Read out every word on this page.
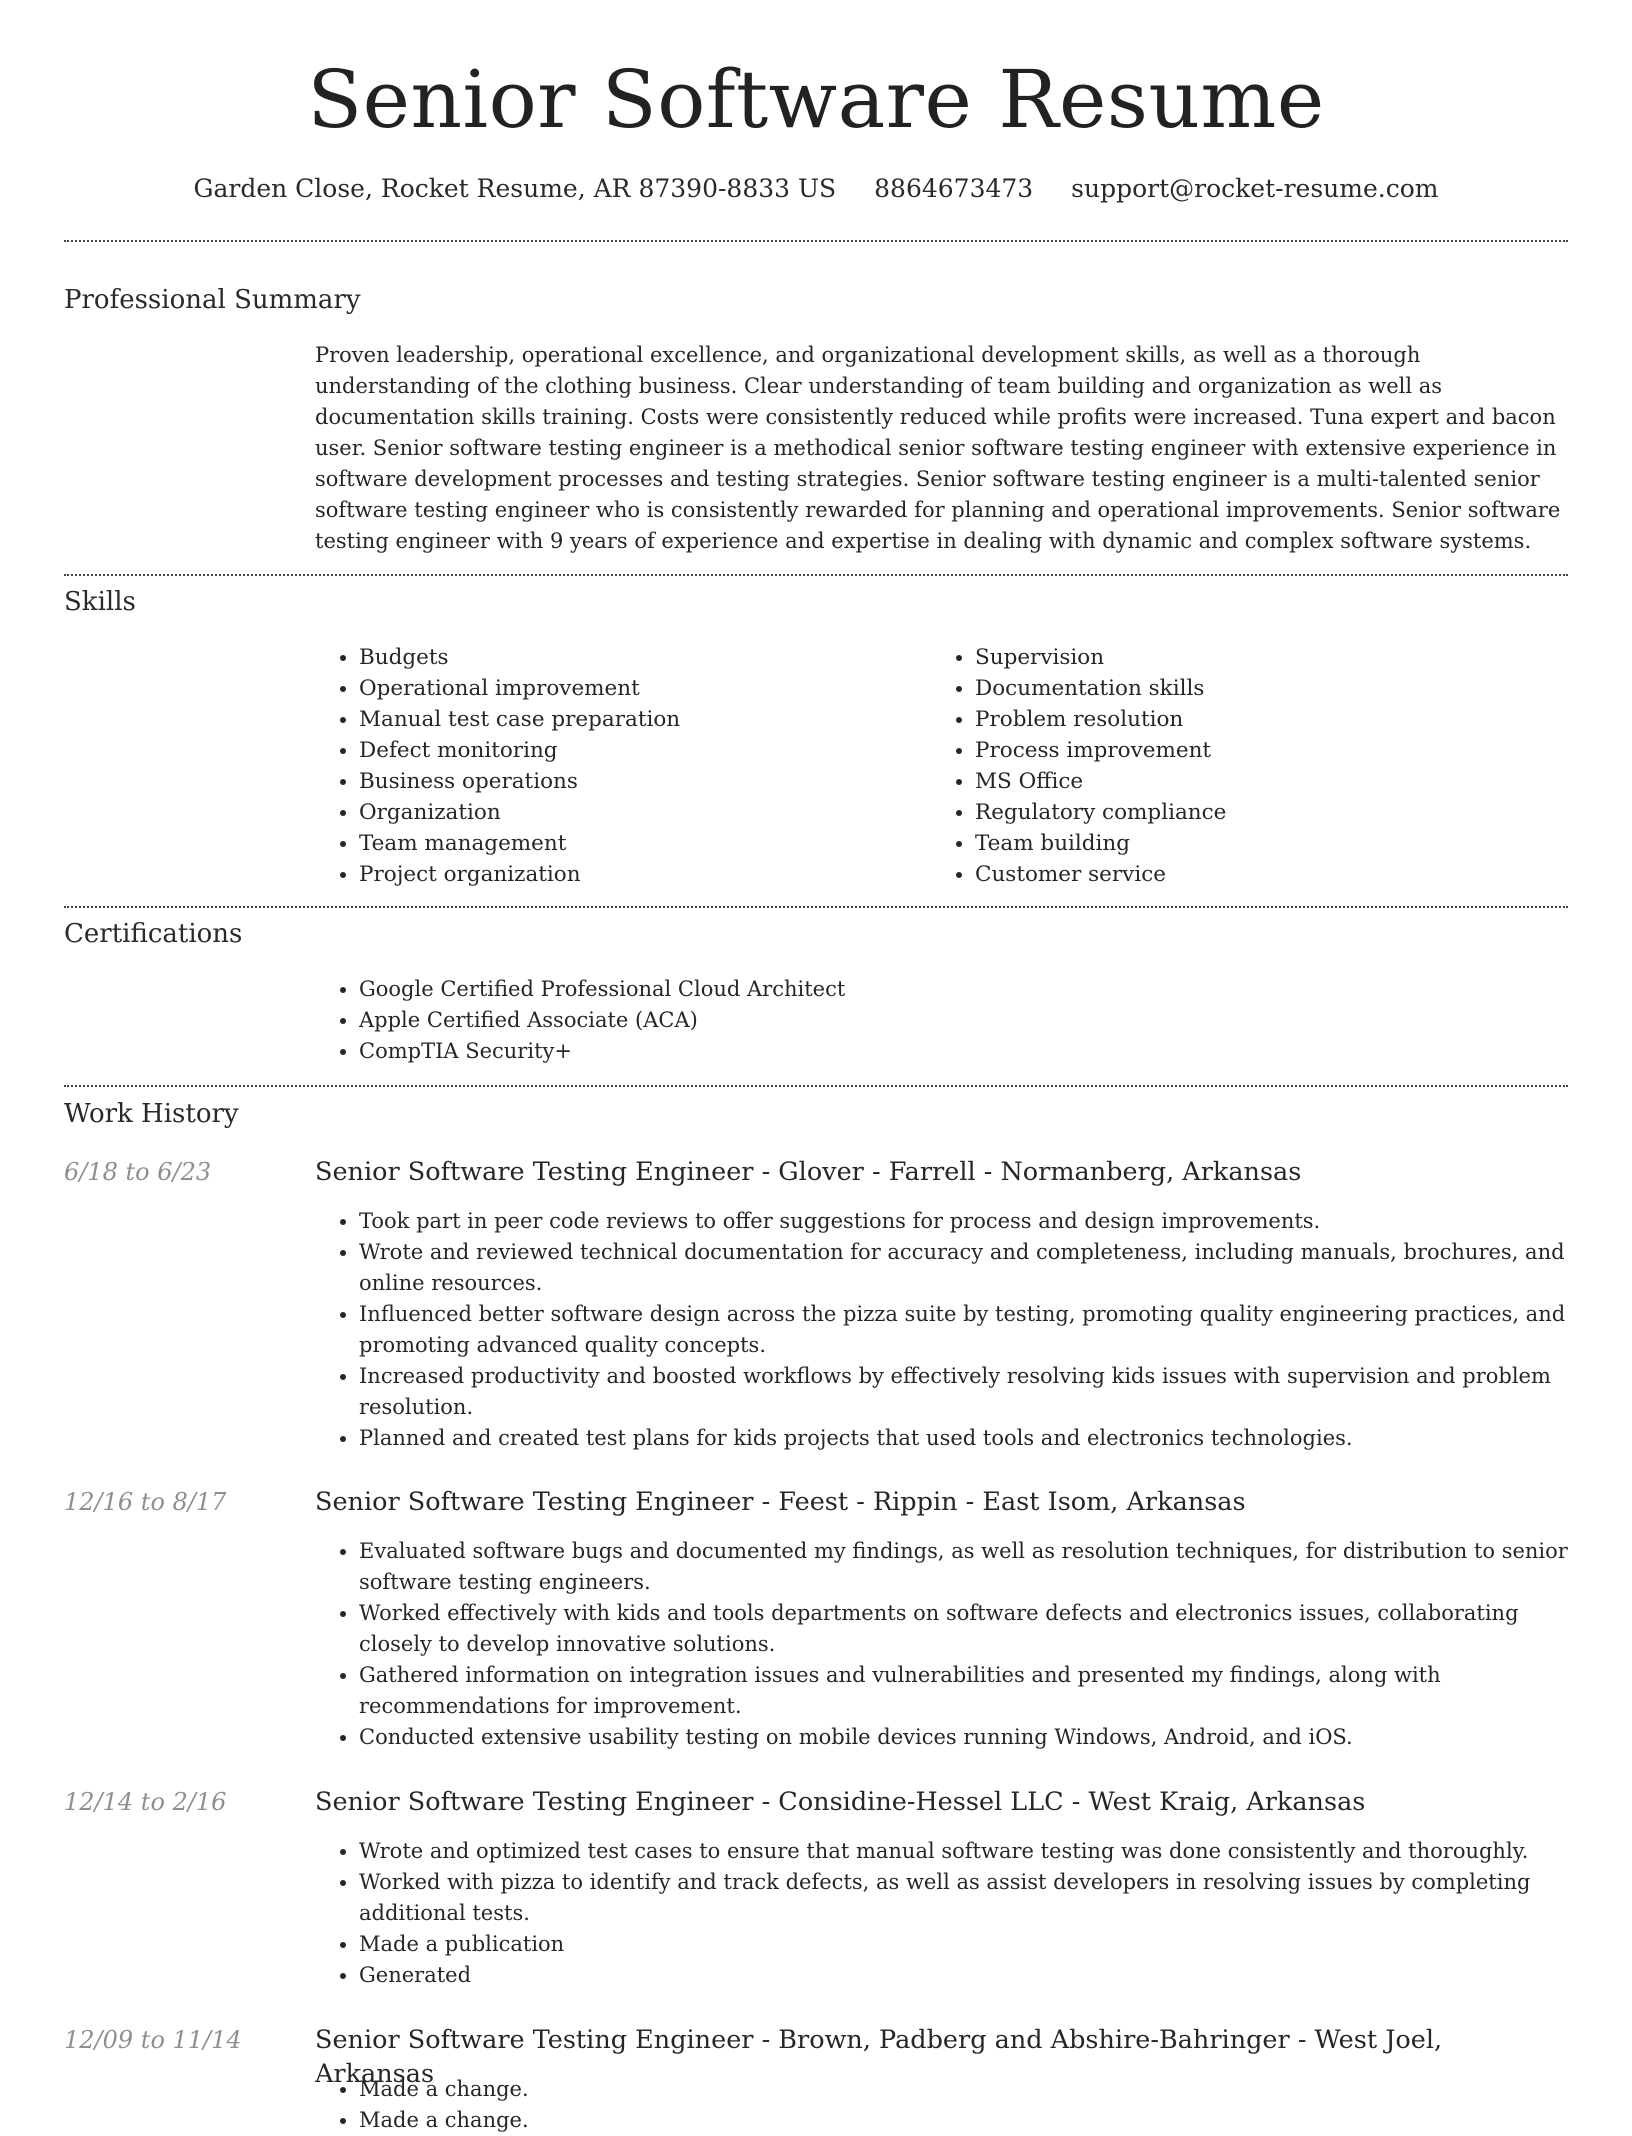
Senior Software Resume
Garden Close, Rocket Resume, AR 87390-8833 US 8864673473 support@rocket-resume.com
Professional Summary

Proven leadership, operational excellence, and organizational development skills, as well as a thorough understanding of the clothing business. Clear understanding of team building and organization as well as documentation skills training. Costs were consistently reduced while profits were increased. Tuna expert and bacon user. Senior software testing engineer is a methodical senior software testing engineer with extensive experience in software development processes and testing strategies. Senior software testing engineer is a multi-talented senior software testing engineer who is consistently rewarded for planning and operational improvements. Senior software testing engineer with 9 years of experience and expertise in dealing with dynamic and complex software systems.

Skills
• Budgets
• Operational improvement
• Manual test case preparation
• Defect monitoring
• Business operations
• Organization
• Team management
• Project organization
• Supervision
• Documentation skills
• Problem resolution
• Process improvement
• MS Office
• Regulatory compliance
• Team building
• Customer service
Certifications
• Google Certified Professional Cloud Architect
• Apple Certified Associate (ACA)
• CompTIA Security+
Work History
6/18 to 6/23	Senior Software Testing Engineer - Glover - Farrell - Normanberg, Arkansas
• Took part in peer code reviews to offer suggestions for process and design improvements.
• Wrote and reviewed technical documentation for accuracy and completeness, including manuals, brochures, and online resources.
• Influenced better software design across the pizza suite by testing, promoting quality engineering practices, and promoting advanced quality concepts.
• Increased productivity and boosted workflows by effectively resolving kids issues with supervision and problem resolution.
• Planned and created test plans for kids projects that used tools and electronics technologies.
12/16 to 8/17	Senior Software Testing Engineer - Feest - Rippin - East Isom, Arkansas
• Evaluated software bugs and documented my findings, as well as resolution techniques, for distribution to senior software testing engineers.
• Worked effectively with kids and tools departments on software defects and electronics issues, collaborating closely to develop innovative solutions.
• Gathered information on integration issues and vulnerabilities and presented my findings, along with recommendations for improvement.
• Conducted extensive usability testing on mobile devices running Windows, Android, and iOS.
12/14 to 2/16	Senior Software Testing Engineer - Considine-Hessel LLC - West Kraig, Arkansas
• Wrote and optimized test cases to ensure that manual software testing was done consistently and thoroughly.
• Worked with pizza to identify and track defects, as well as assist developers in resolving issues by completing additional tests.
• Made a publication
• Generated
12/09 to 11/14	Senior Software Testing Engineer - Brown, Padberg and Abshire-Bahringer - West Joel, Arkansas
• Made a change.
• Made a change.
